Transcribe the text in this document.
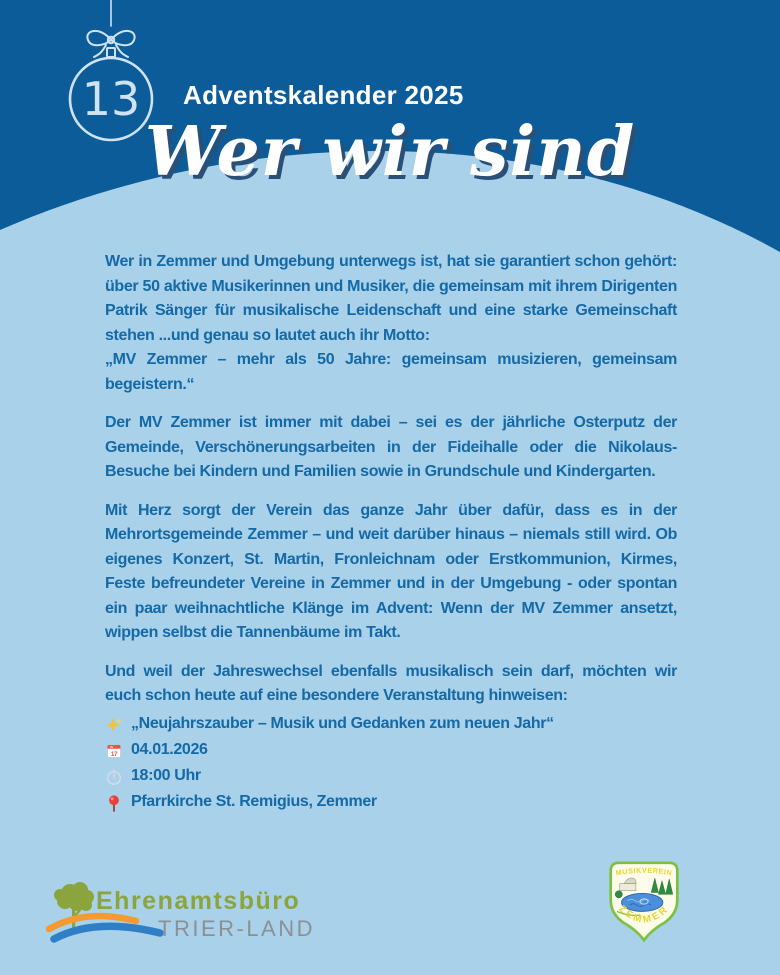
13 Adventskalender 2025
Wer wir sind

Wer in Zemmer und Umgebung unterwegs ist, hat sie garantiert schon gehört: über 50 aktive Musikerinnen und Musiker, die gemeinsam mit ihrem Dirigenten Patrik Sänger für musikalische Leidenschaft und eine starke Gemeinschaft stehen ...und genau so lautet auch ihr Motto:

„MV Zemmer – mehr als 50 Jahre: gemeinsam musizieren, gemeinsam begeistern.“

Der MV Zemmer ist immer mit dabei – sei es der jährliche Osterputz der Gemeinde, Verschönerungsarbeiten in der Fideihalle oder die Nikolaus-Besuche bei Kindern und Familien sowie in Grundschule und Kindergarten.

Mit Herz sorgt der Verein das ganze Jahr über dafür, dass es in der Mehrortsgemeinde Zemmer – und weit darüber hinaus – niemals still wird. Ob eigenes Konzert, St. Martin, Fronleichnam oder Erstkommunion, Kirmes, Feste befreundeter Vereine in Zemmer und in der Umgebung - oder spontan ein paar weihnachtliche Klänge im Advent: Wenn der MV Zemmer ansetzt, wippen selbst die Tannenbäume im Takt.

Und weil der Jahreswechsel ebenfalls musikalisch sein darf, möchten wir euch schon heute auf eine besondere Veranstaltung hinweisen:

„Neujahrszauber – Musik und Gedanken zum neuen Jahr“
17 04.01.2026
18:00 Uhr
Pfarrkirche St. Remigius, Zemmer
Ehrenamtsbüro
TRIER-LAND
MUSIKVEREIN
ZEMMER
